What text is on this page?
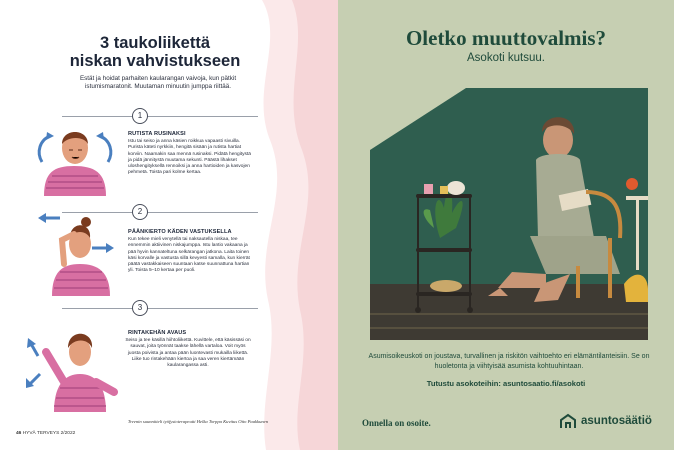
3 taukoliikettä
niskan vahvistukseen
Estät ja hoidat parhaiten kaularangan vaivoja, kun pätkit istumismaratonit. Muutaman minuutin jumppa riittää.
1
RUTISTA RUSINAKSI
Istu tai seiso ja anna käsien roikkua vapaasti sivuilla. Purista käteti nyrkkiin, hengitä sisään ja rutista hartiat korviin. Naamakin saa mennä rusinaksi. Pidätä hengitystä ja pidä jännitystä muutama sekunti. Päästä lihakset uloshengityksellä rennoiksi ja anna hartioiden ja kasvojen pehmetä. Toista pari kolme kertaa.
2
PÄÄNKIERTO KÄDEN VASTUKSELLA
Kun tekee mieli venytellä tai naksautella niskaa, tee ennemmin aktiivinen niskajumppa. Istu lantio vakaana ja pää hyvin kannateltuna selkärangan jatkona. Laita toinen käsi korvalle ja vastusta sillä kevyesti samalla, kun kierrät päätä vastakkaiseen suuntaan katse suunnattuna hartian yli. Toista 5–10 kertaa per puoli.
3
RINTAKEHÄN AVAUS
Seiso ja tee käsillä hiihtoliikettä. Kuvittele, että käsissäsi on sauvat, joita työnnät taakse lähellä vartaloa. Voit myös juosta poivista ja antaa pään luontevasti mukailla liikettä. Liike tuo rintakehään kiertoa ja saa veren kiertämään kaularangassa asti.
Treenin suunnitteli työfysioterapeutti Helka Torppa Kuvitus Otto Paakkunen
46 HYVÄ TERVEYS 2/2022
Oletko muuttovalmis?
Asokoti kutsuu.
Asumisoikeuskoti on joustava, turvallinen ja riskitön vaihtoehto eri elämäntilanteisiin. Se on huoletonta ja viihtyisää asumista kohtuuhintaan.
Tutustu asokoteihin: asuntosaatio.fi/asokoti
Onnella on osoite.	asuntosäätiö
